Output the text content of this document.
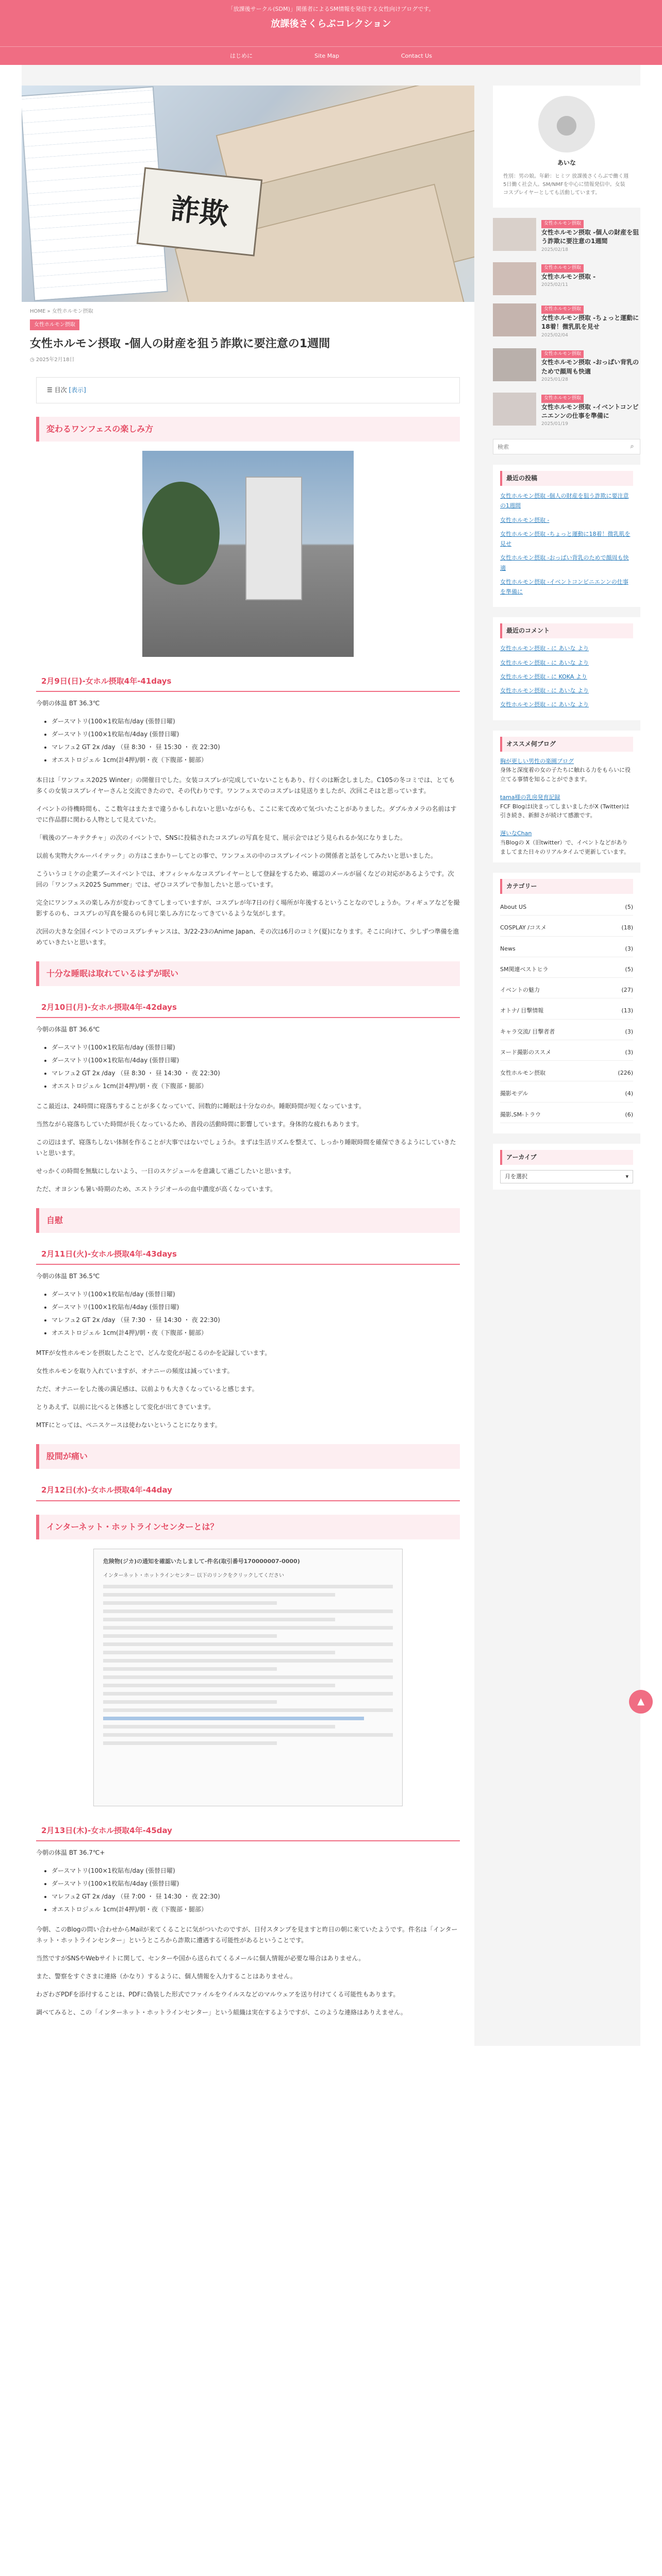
「放課後サークル(SDM)」関係者によるSM情報を発信する女性向けブログです。
放課後さくらぶコレクション
はじめに	Site Map	Contact Us
詐欺
HOME » 女性ホルモン摂取
女性ホルモン摂取
女性ホルモン摂取 -個人の財産を狙う詐欺に要注意の1週間
◷ 2025年2月18日
☰ 目次 [表示]
変わるワンフェスの楽しみ方
2月9日(日)-女ホル摂取4年-41days

今朝の体温 BT 36.3℃

• ダースマトリ(100×1枚貼布/day (張替日曜)
• ダースマトリ(100×1枚貼布/4day (張替日曜)
• マレフュ2 GT 2x /day （昼 8:30 ・ 昼 15:30 ・ 夜 22:30)
• オエストロジェル 1cm(計4押)/朝・夜（下腹部・腿部）

本日は「ワンフェス2025 Winter」の開催日でした。女装コスプレが完成していないこともあり、行くのは断念しました。C105の冬コミでは、とても多くの女装コスプレイヤーさんと交流できたので、その代わりです。ワンフェスでのコスプレは見送りましたが、次回こそはと思っています。

イベントの待機時間も、ここ数年はまたまで違うかもしれないと思いながらも、ここに来て改めて気づいたことがありました。ダブルカメラの名前はすでに作品群に関わる人物として見えていた。

「戦後のアーキテクチャ」の次のイベントで、SNSに投稿されたコスプレの写真を見て、展示会ではどう見られるか気になりました。

以前も実物大クルーパイテック」の方はこまかりーしてとの事で、ワンフェスの中のコスプレイベントの関係者と話をしてみたいと思いました。

こういうコミケの企業ブースイベントでは、オフィシャルなコスプレイヤーとして登録をするため、確認のメールが届くなどの対応があるようです。次回の「ワンフェス2025 Summer」では、ぜひコスプレで参加したいと思っています。

完全にワンフェスの楽しみ方が変わってきてしまっていますが、コスプレが年7日の行く場所が年後するということなのでしょうか。フィギュアなどを撮影するのも、コスプレの写真を撮るのも同じ楽しみ方になってきているような気がします。

次回の大きな全国イベントでのコスプレチャンスは、3/22-23のAnime Japan、その次は6月のコミケ(夏)になります。そこに向けて、少しずつ準備を進めていきたいと思います。

十分な睡眠は取れているはずが眠い
2月10日(月)-女ホル摂取4年-42days

今朝の体温 BT 36.6℃

• ダースマトリ(100×1枚貼布/day (張替日曜)
• ダースマトリ(100×1枚貼布/4day (張替日曜)
• マレフュ2 GT 2x /day （昼 8:30 ・ 昼 14:30 ・ 夜 22:30)
• オエストロジェル 1cm(計4押)/朝・夜（下腹部・腿部）

ここ最近は、24時間に寝落ちすることが多くなっていて、回数的に睡眠は十分なのか。睡眠時間が短くなっています。

当然ながら寝落ちしていた時間が長くなっているため、普段の活動時間に影響しています。身体的な疲れもあります。

この辺はまず、寝落ちしない体制を作ることが大事ではないでしょうか。まずは生活リズムを整えて、しっかり睡眠時間を確保できるようにしていきたいと思います。

せっかくの時間を無駄にしないよう、一日のスケジュールを意識して過ごしたいと思います。

ただ、オヨシンも暑い時期のため、エストラジオールの血中濃度が高くなっています。

自慰
2月11日(火)-女ホル摂取4年-43days

今朝の体温 BT 36.5℃

• ダースマトリ(100×1枚貼布/day (張替日曜)
• ダースマトリ(100×1枚貼布/4day (張替日曜)
• マレフュ2 GT 2x /day （昼 7:30 ・ 昼 14:30 ・ 夜 22:30)
• オエストロジェル 1cm(計4押)/朝・夜（下腹部・腿部）

MTFが女性ホルモンを摂取したことで、どんな変化が起こるのかを記録しています。

女性ホルモンを取り入れていますが、オナニーの頻度は減っています。

ただ、オナニーをした後の満足感は、以前よりも大きくなっていると感じます。

とりあえず、以前に比べると体感として変化が出てきています。

MTFにとっては、ペニスケースは使わないということになります。

股間が痛い
2月12日(水)-女ホル摂取4年-44day
インターネット・ホットラインセンターとは？
危険物(ジカ)の通知を確認いたしまして-件名(取引番号170000007-0000)
インターネット・ホットラインセンター 以下のリンクをクリックしてください
2月13日(木)-女ホル摂取4年-45day

今朝の体温 BT 36.7℃+

• ダースマトリ(100×1枚貼布/day (張替日曜)
• ダースマトリ(100×1枚貼布/4day (張替日曜)
• マレフュ2 GT 2x /day （昼 7:00 ・ 昼 14:30 ・ 夜 22:30)
• オエストロジェル 1cm(計4押)/朝・夜（下腹部・腿部）

今朝、このBlogの問い合わせからMailが来てくることに気がついたのですが、日付スタンプを見ますと昨日の朝に来ていたようです。件名は「インターネット・ホットラインセンター」というところから詐欺に遭遇する可能性があるということです。

当然ですがSNSやWebサイトに関して、センターや国から送られてくるメールに個人情報が必要な場合はありません。

また、警察をすぐさまに連絡（かなり）するように、個人情報を入力することはありません。

わざわざPDFを添付することは、PDFに偽装した形式でファイルをウイルスなどのマルウェアを送り付けてくる可能性もあります。

調べてみると、この「インターネット・ホットラインセンター」という組織は実在するようですが、このような連絡はありえません。

●
あいな
性別：男の娘。年齢：ヒミツ 放課後さくらぶで働く週5日働く社会人。SM/NMFを中心に情報発信中。女装コスプレイヤーとしても活動しています。
女性ホルモン摂取
女性ホルモン摂取 -個人の財産を狙う詐欺に要注意の1週間
2025/02/18
女性ホルモン摂取
女性ホルモン摂取 -
2025/02/11
女性ホルモン摂取
女性ホルモン摂取 -ちょっと運動に18着！微乳肌を見せ
2025/02/04
女性ホルモン摂取
女性ホルモン摂取 -おっぱい背乳のためで顔周も快適
2025/01/28
女性ホルモン摂取
女性ホルモン摂取 -イベントコンビニエンンの仕事を準備に
2025/01/19
検索
⌕
最近の投稿
女性ホルモン摂取 -個人の財産を狙う詐欺に要注意の1週間
女性ホルモン摂取 -
女性ホルモン摂取 -ちょっと運動に18着！微乳肌を見せ
女性ホルモン摂取 -おっぱい背乳のためで顔周も快適
女性ホルモン摂取 -イベントコンビニエンンの仕事を準備に
最近のコメント
女性ホルモン摂取 - に あいな より
女性ホルモン摂取 - に あいな より
女性ホルモン摂取 - に KOKA より
女性ホルモン摂取 - に あいな より
女性ホルモン摂取 - に あいな より
オススメ何ブログ
胸が更しい男性の楽園ブログ

身体と深度着の女の子たちに触れる力をもらいに役立てる事情を知ることができます。

tama様の乳房発育記録

FCF BlogはI決まってしまいましたがX (Twitter)は引き続き、新鮮さが続けて感激です。

遅いなChan

当Blogの X（旧twitter）で、イベントなどがありましてまた日々のリアルタイムで更新しています。

カテゴリー
About US	(5)
COSPLAY /コスメ	(18)
News	(3)
SM関連ベストヒラ	(5)
イベントの魅力	(27)
オトナ/ 目撃情報	(13)
キャラ交流/ 目撃者者	(3)
ヌード撮影のススメ	(3)
女性ホルモン摂取	(226)
撮影モデル	(4)
撮影,SM-トラウ	(6)
アーカイブ
月を選択	▾
▲
